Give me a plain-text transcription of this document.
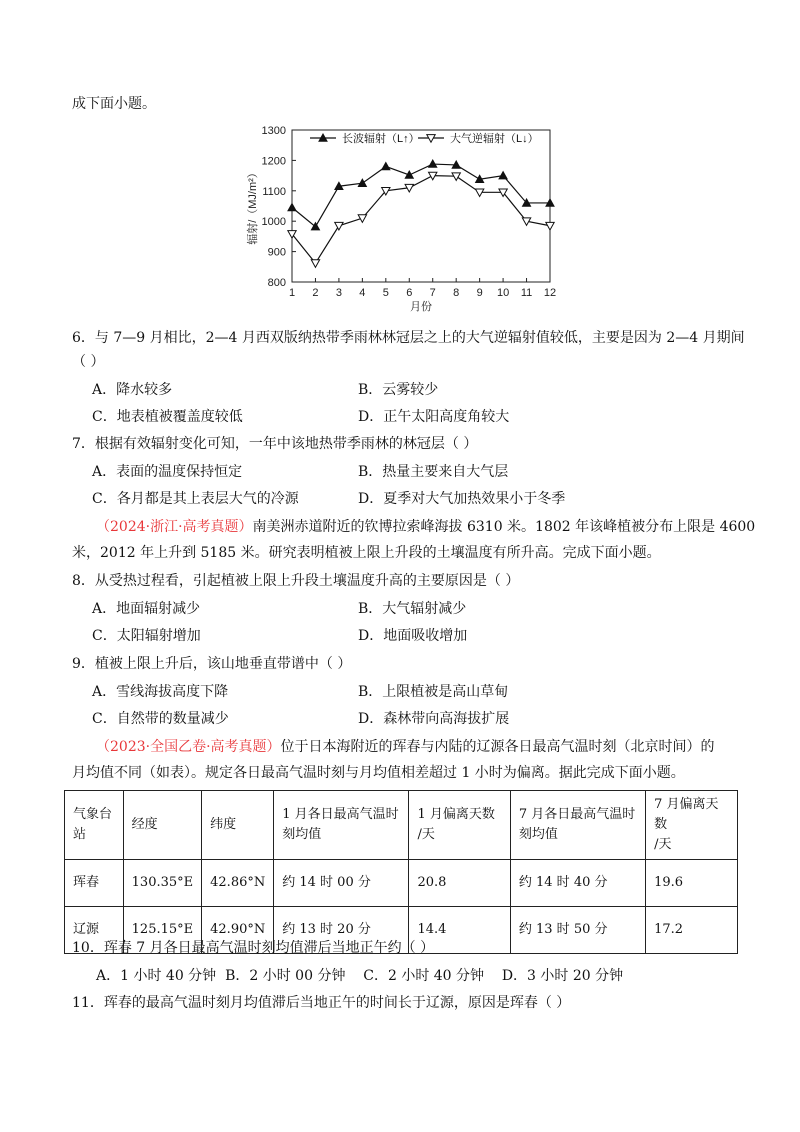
成下面小题。
800
900
1000
1100
1200
1300
1 2 3 4 5 6 7 8 9 10 11 12
月份
辐射/（MJ/m²）
长波辐射（L↑）	大气逆辐射（L↓）
6．与 7—9 月相比，2—4 月西双版纳热带季雨林林冠层之上的大气逆辐射值较低，主要是因为 2—4 月期间
（ ）
A．降水较多	B．云雾较少
C．地表植被覆盖度较低	D．正午太阳高度角较大
7．根据有效辐射变化可知，一年中该地热带季雨林的林冠层（ ）
A．表面的温度保持恒定	B．热量主要来自大气层
C．各月都是其上表层大气的冷源	D．夏季对大气加热效果小于冬季
（2024·浙江·高考真题）南美洲赤道附近的钦博拉索峰海拔 6310 米。1802 年该峰植被分布上限是 4600
米，2012 年上升到 5185 米。研究表明植被上限上升段的土壤温度有所升高。完成下面小题。
8．从受热过程看，引起植被上限上升段土壤温度升高的主要原因是（ ）
A．地面辐射减少	B．大气辐射减少
C．太阳辐射增加	D．地面吸收增加
9．植被上限上升后，该山地垂直带谱中（ ）
A．雪线海拔高度下降	B．上限植被是高山草甸
C．自然带的数量减少	D．森林带向高海拔扩展
（2023·全国乙卷·高考真题）位于日本海附近的珲春与内陆的辽源各日最高气温时刻（北京时间）的
月均值不同（如表）。规定各日最高气温时刻与月均值相差超过 1 小时为偏离。据此完成下面小题。
气象台
站	经度	纬度	1 月各日最高气温时
刻均值	1 月偏离天数
/天	7 月各日最高气温时
刻均值	7 月偏离天数
/天
珲春	130.35°E	42.86°N	约 14 时 00 分	20.8	约 14 时 40 分	19.6
辽源	125.15°E	42.90°N	约 13 时 20 分	14.4	约 13 时 50 分	17.2
10．珲春 7 月各日最高气温时刻均值滞后当地正午约（ ）
A．1 小时 40 分钟  B．2 小时 00 分钟    C．2 小时 40 分钟    D．3 小时 20 分钟
11．珲春的最高气温时刻月均值滞后当地正午的时间长于辽源，原因是珲春（ ）
